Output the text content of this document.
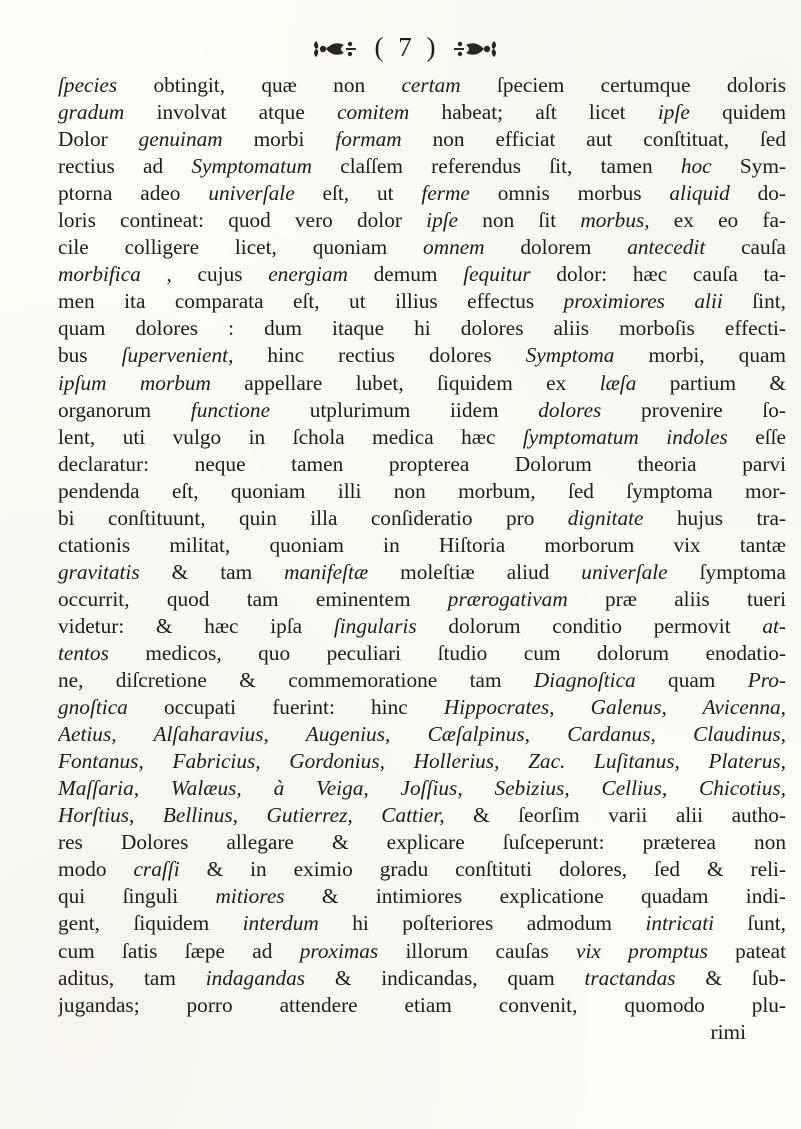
( 7 )
ſpecies obtingit, quæ non certam ſpeciem certumque doloris
gradum involvat atque comitem habeat; aſt licet ipſe quidem
Dolor genuinam morbi formam non efficiat aut conſtituat, ſed
rectius ad Symptomatum claſſem referendus ſit, tamen hoc Sym-
ptorna adeo univerſale eſt, ut ferme omnis morbus aliquid do-
loris contineat: quod vero dolor ipſe non ſit morbus, ex eo fa-
cile colligere licet, quoniam omnem dolorem antecedit cauſa
morbifica , cujus energiam demum ſequitur dolor: hæc cauſa ta-
men ita comparata eſt, ut illius effectus proximiores alii ſint,
quam dolores : dum itaque hi dolores aliis morboſis effecti-
bus ſupervenient, hinc rectius dolores Symptoma morbi, quam
ipſum morbum appellare lubet, ſiquidem ex læſa partium &
organorum functione utplurimum iidem dolores provenire ſo-
lent, uti vulgo in ſchola medica hæc ſymptomatum indoles eſſe
declaratur: neque tamen propterea Dolorum theoria parvi
pendenda eſt, quoniam illi non morbum, ſed ſymptoma mor-
bi conſtituunt, quin illa conſideratio pro dignitate hujus tra-
ctationis militat, quoniam in Hiſtoria morborum vix tantæ
gravitatis & tam manifeſtæ moleſtiæ aliud univerſale ſymptoma
occurrit, quod tam eminentem prærogativam præ aliis tueri
videtur: & hæc ipſa ſingularis dolorum conditio permovit at-
tentos medicos, quo peculiari ſtudio cum dolorum enodatio-
ne, diſcretione & commemoratione tam Diagnoſtica quam Pro-
gnoſtica occupati fuerint: hinc Hippocrates, Galenus, Avicenna,
Aetius, Alſaharavius, Augenius, Cæſalpinus, Cardanus, Claudinus,
Fontanus, Fabricius, Gordonius, Hollerius, Zac. Luſitanus, Platerus,
Maſſaria, Walæus, à Veiga, Joſſius, Sebizius, Cellius, Chicotius,
Horſtius, Bellinus, Gutierrez, Cattier, & ſeorſim varii alii autho-
res Dolores allegare & explicare ſuſceperunt: præterea non
modo craſſi & in eximio gradu conſtituti dolores, ſed & reli-
qui ſinguli mitiores & intimiores explicatione quadam indi-
gent, ſiquidem interdum hi poſteriores admodum intricati ſunt,
cum ſatis ſæpe ad proximas illorum cauſas vix promptus pateat
aditus, tam indagandas & indicandas, quam tractandas & ſub-
jugandas; porro attendere etiam convenit, quomodo plu-
rimi
